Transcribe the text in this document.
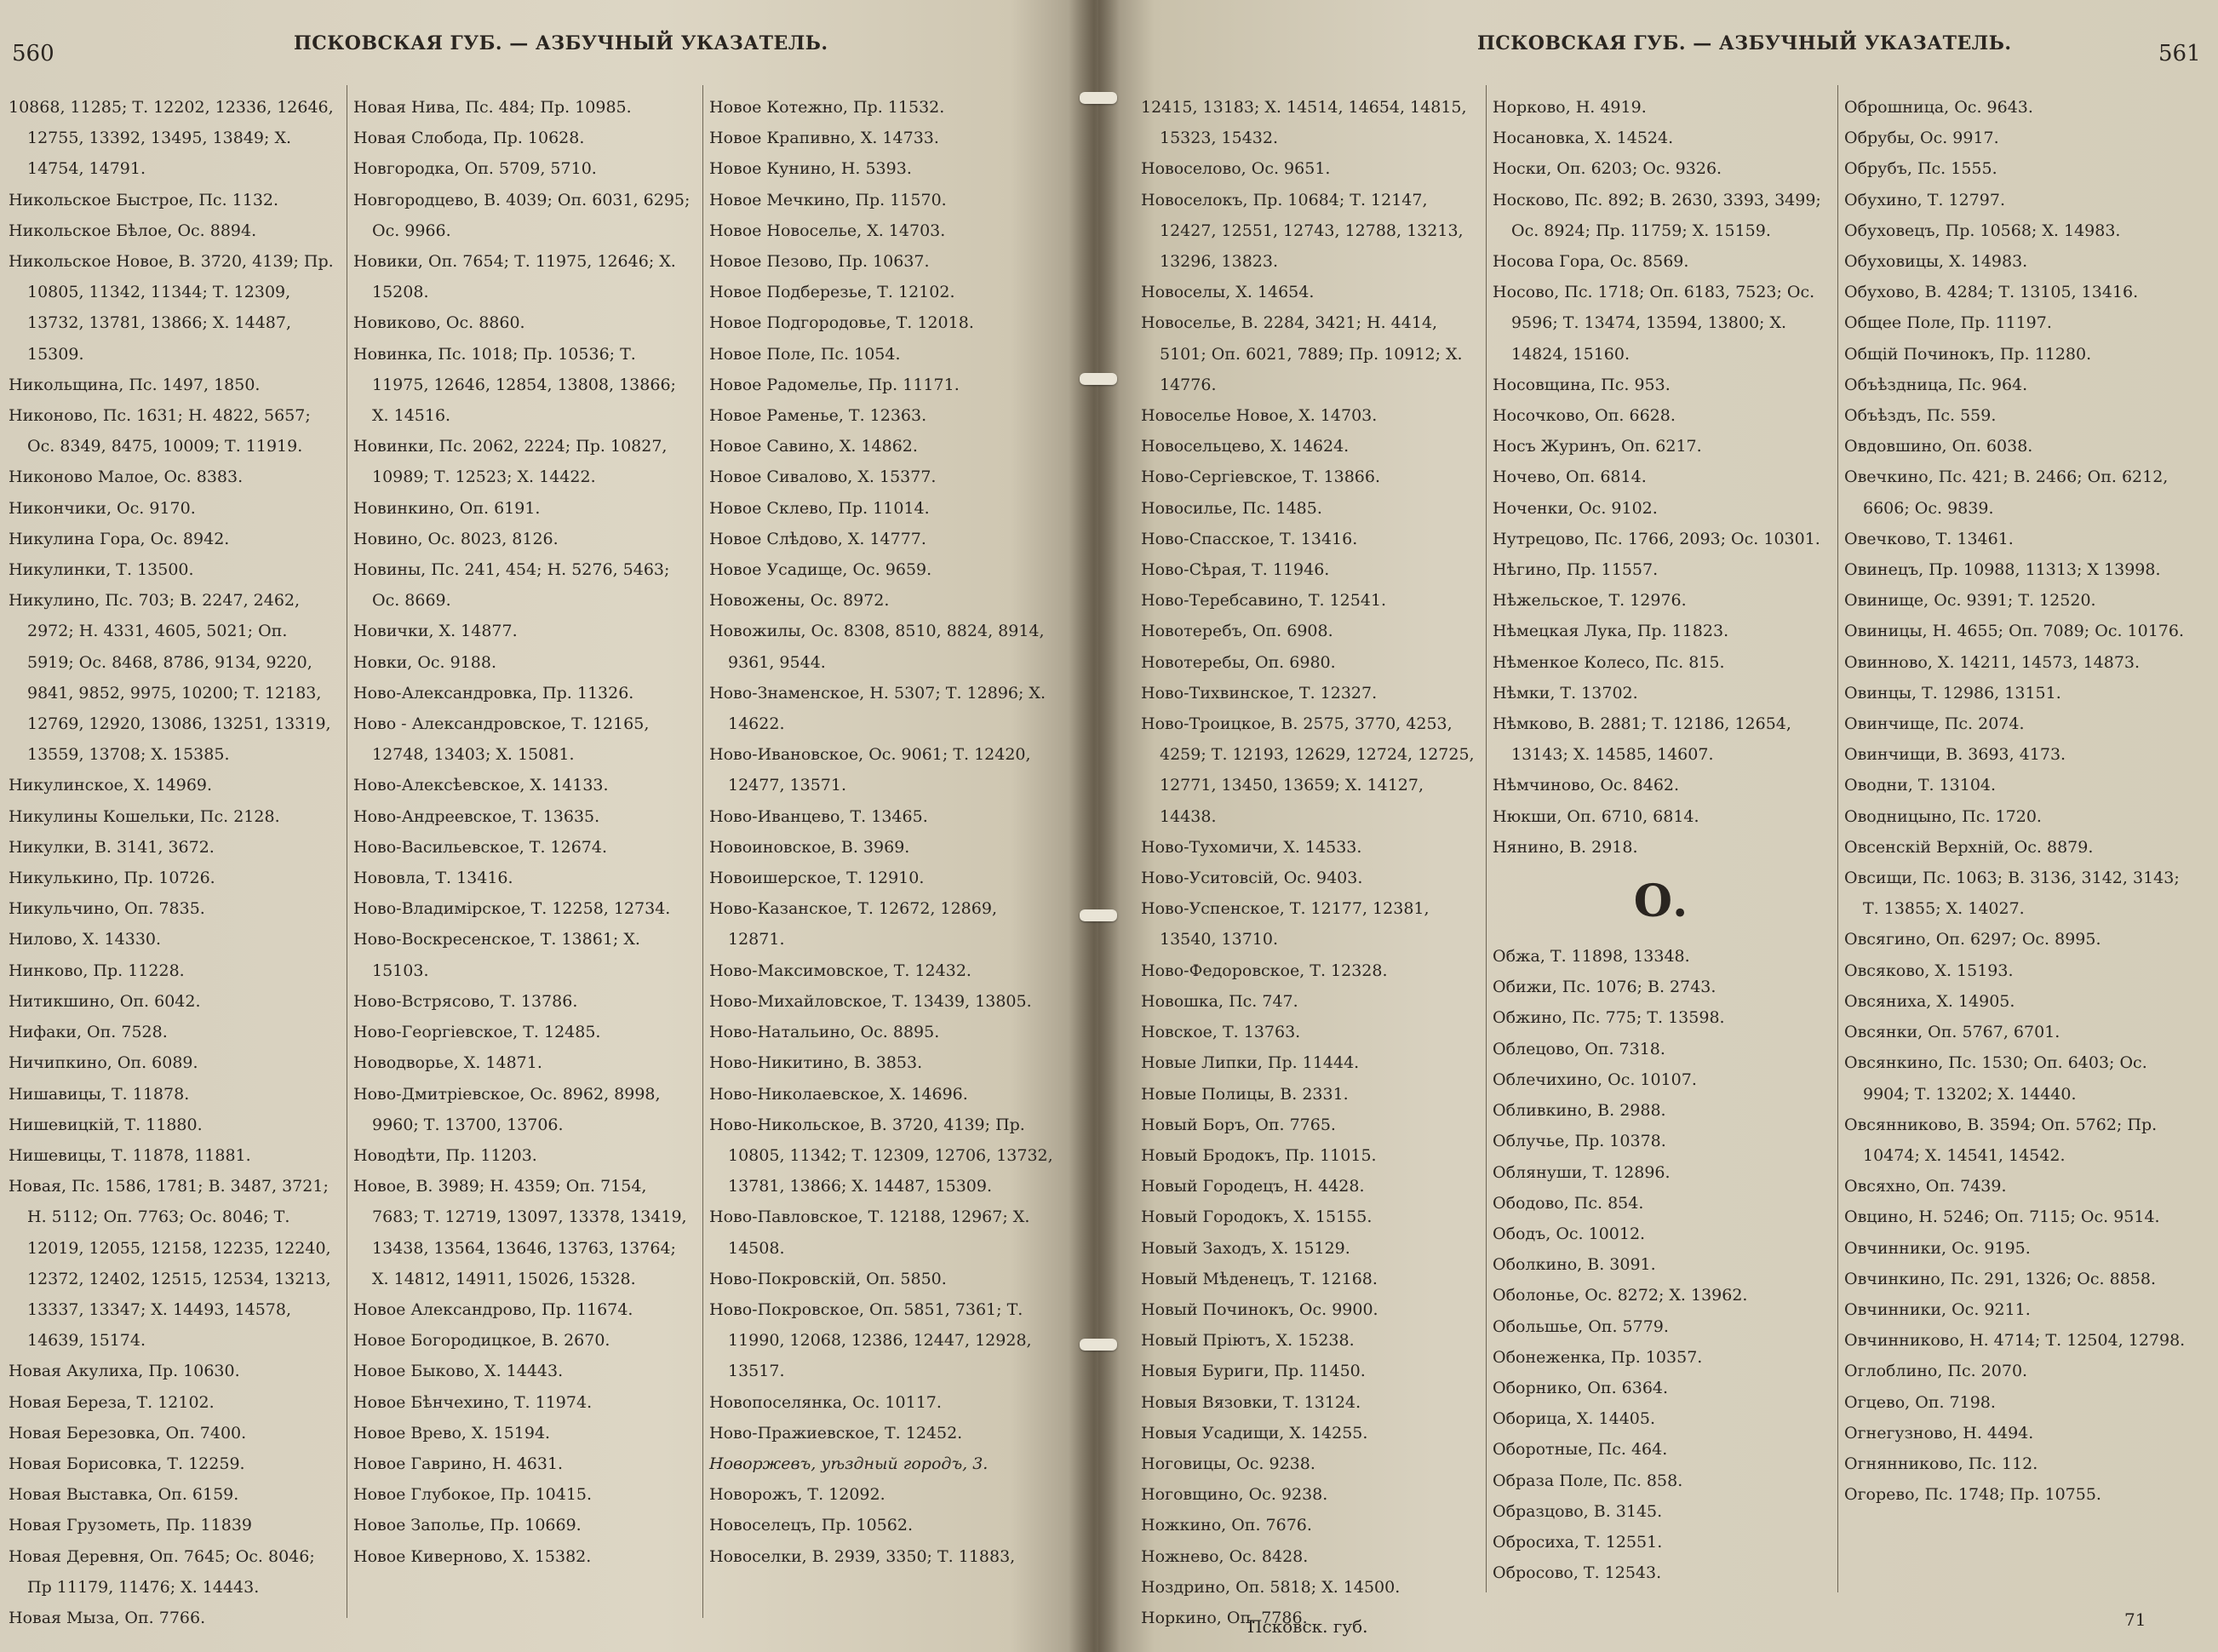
560	ПСКОВСКАЯ ГУБ. — АЗБУЧНЫЙ УКАЗАТЕЛЬ.
10868, 11285; Т. 12202, 12336, 12646, 12755, 13392, 13495, 13849; Х. 14754, 14791.
Никольское Быстрое, Пс. 1132.
Никольское Бѣлое, Ос. 8894.
Никольское Новое, В. 3720, 4139; Пр. 10805, 11342, 11344; Т. 12309, 13732, 13781, 13866; Х. 14487, 15309.
Никольщина, Пс. 1497, 1850.
Никоново, Пс. 1631; Н. 4822, 5657; Ос. 8349, 8475, 10009; Т. 11919.
Никоново Малое, Ос. 8383.
Никончики, Ос. 9170.
Никулина Гора, Ос. 8942.
Никулинки, Т. 13500.
Никулино, Пс. 703; В. 2247, 2462, 2972; Н. 4331, 4605, 5021; Оп. 5919; Ос. 8468, 8786, 9134, 9220, 9841, 9852, 9975, 10200; Т. 12183, 12769, 12920, 13086, 13251, 13319, 13559, 13708; Х. 15385.
Никулинское, Х. 14969.
Никулины Кошельки, Пс. 2128.
Никулки, В. 3141, 3672.
Никулькино, Пр. 10726.
Никульчино, Оп. 7835.
Нилово, Х. 14330.
Нинково, Пр. 11228.
Нитикшино, Оп. 6042.
Нифаки, Оп. 7528.
Ничипкино, Оп. 6089.
Нишавицы, Т. 11878.
Нишевицкій, Т. 11880.
Нишевицы, Т. 11878, 11881.
Новая, Пс. 1586, 1781; В. 3487, 3721; Н. 5112; Оп. 7763; Ос. 8046; Т. 12019, 12055, 12158, 12235, 12240, 12372, 12402, 12515, 12534, 13213, 13337, 13347; Х. 14493, 14578, 14639, 15174.
Новая Акулиха, Пр. 10630.
Новая Береза, Т. 12102.
Новая Березовка, Оп. 7400.
Новая Борисовка, Т. 12259.
Новая Выставка, Оп. 6159.
Новая Грузометь, Пр. 11839
Новая Деревня, Оп. 7645; Ос. 8046; Пр 11179, 11476; Х. 14443.
Новая Мыза, Оп. 7766.
Новая Нива, Пс. 484; Пр. 10985.
Новая Слобода, Пр. 10628.
Новгородка, Оп. 5709, 5710.
Новгородцево, В. 4039; Оп. 6031, 6295; Ос. 9966.
Новики, Оп. 7654; Т. 11975, 12646; Х. 15208.
Новиково, Ос. 8860.
Новинка, Пс. 1018; Пр. 10536; Т. 11975, 12646, 12854, 13808, 13866; Х. 14516.
Новинки, Пс. 2062, 2224; Пр. 10827, 10989; Т. 12523; Х. 14422.
Новинкино, Оп. 6191.
Новино, Ос. 8023, 8126.
Новины, Пс. 241, 454; Н. 5276, 5463; Ос. 8669.
Новички, Х. 14877.
Новки, Ос. 9188.
Ново-Александровка, Пр. 11326.
Ново - Александровское, Т. 12165, 12748, 13403; Х. 15081.
Ново-Алексѣевское, Х. 14133.
Ново-Андреевское, Т. 13635.
Ново-Васильевское, Т. 12674.
Нововла, Т. 13416.
Ново-Владимірское, Т. 12258, 12734.
Ново-Воскресенское, Т. 13861; Х. 15103.
Ново-Встрясово, Т. 13786.
Ново-Георгіевское, Т. 12485.
Новодворье, Х. 14871.
Ново-Дмитріевское, Ос. 8962, 8998, 9960; Т. 13700, 13706.
Новодѣти, Пр. 11203.
Новое, В. 3989; Н. 4359; Оп. 7154, 7683; Т. 12719, 13097, 13378, 13419, 13438, 13564, 13646, 13763, 13764; Х. 14812, 14911, 15026, 15328.
Новое Александрово, Пр. 11674.
Новое Богородицкое, В. 2670.
Новое Быково, Х. 14443.
Новое Бѣнчехино, Т. 11974.
Новое Врево, Х. 15194.
Новое Гаврино, Н. 4631.
Новое Глубокое, Пр. 10415.
Новое Заполье, Пр. 10669.
Новое Киверново, Х. 15382.
Новое Котежно, Пр. 11532.
Новое Крапивно, Х. 14733.
Новое Кунино, Н. 5393.
Новое Мечкино, Пр. 11570.
Новое Новоселье, Х. 14703.
Новое Пезово, Пр. 10637.
Новое Подберезье, Т. 12102.
Новое Подгородовье, Т. 12018.
Новое Поле, Пс. 1054.
Новое Радомелье, Пр. 11171.
Новое Раменье, Т. 12363.
Новое Савино, Х. 14862.
Новое Сивалово, Х. 15377.
Новое Склево, Пр. 11014.
Новое Слѣдово, Х. 14777.
Новое Усадище, Ос. 9659.
Новожены, Ос. 8972.
Новожилы, Ос. 8308, 8510, 8824, 8914, 9361, 9544.
Ново-Знаменское, Н. 5307; Т. 12896; Х. 14622.
Ново-Ивановское, Ос. 9061; Т. 12420, 12477, 13571.
Ново-Иванцево, Т. 13465.
Новоиновское, В. 3969.
Новоишерское, Т. 12910.
Ново-Казанское, Т. 12672, 12869, 12871.
Ново-Максимовское, Т. 12432.
Ново-Михайловское, Т. 13439, 13805.
Ново-Натальино, Ос. 8895.
Ново-Никитино, В. 3853.
Ново-Николаевское, Х. 14696.
Ново-Никольское, В. 3720, 4139; Пр. 10805, 11342; Т. 12309, 12706, 13732, 13781, 13866; Х. 14487, 15309.
Ново-Павловское, Т. 12188, 12967; Х. 14508.
Ново-Покровскій, Оп. 5850.
Ново-Покровское, Оп. 5851, 7361; Т. 11990, 12068, 12386, 12447, 12928, 13517.
Новопоселянка, Ос. 10117.
Ново-Пражиевское, Т. 12452.
Новоржевъ, уѣздный городъ, 3.
Новорожъ, Т. 12092.
Новоселецъ, Пр. 10562.
Новоселки, В. 2939, 3350; Т. 11883,
ПСКОВСКАЯ ГУБ. — АЗБУЧНЫЙ УКАЗАТЕЛЬ.	561
12415, 13183; Х. 14514, 14654, 14815, 15323, 15432.
Новоселово, Ос. 9651.
Новоселокъ, Пр. 10684; Т. 12147, 12427, 12551, 12743, 12788, 13213, 13296, 13823.
Новоселы, Х. 14654.
Новоселье, В. 2284, 3421; Н. 4414, 5101; Оп. 6021, 7889; Пр. 10912; Х. 14776.
Новоселье Новое, Х. 14703.
Новосельцево, Х. 14624.
Ново-Сергіевское, Т. 13866.
Новосилье, Пс. 1485.
Ново-Спасское, Т. 13416.
Ново-Сѣрая, Т. 11946.
Ново-Теребсавино, Т. 12541.
Новотеребъ, Оп. 6908.
Новотеребы, Оп. 6980.
Ново-Тихвинское, Т. 12327.
Ново-Троицкое, В. 2575, 3770, 4253, 4259; Т. 12193, 12629, 12724, 12725, 12771, 13450, 13659; Х. 14127, 14438.
Ново-Тухомичи, Х. 14533.
Ново-Уситовсій, Ос. 9403.
Ново-Успенское, Т. 12177, 12381, 13540, 13710.
Ново-Федоровское, Т. 12328.
Новошка, Пс. 747.
Новское, Т. 13763.
Новые Липки, Пр. 11444.
Новые Полицы, В. 2331.
Новый Боръ, Оп. 7765.
Новый Бродокъ, Пр. 11015.
Новый Городецъ, Н. 4428.
Новый Городокъ, Х. 15155.
Новый Заходъ, Х. 15129.
Новый Мѣденецъ, Т. 12168.
Новый Починокъ, Ос. 9900.
Новый Пріютъ, Х. 15238.
Новыя Буриги, Пр. 11450.
Новыя Вязовки, Т. 13124.
Новыя Усадищи, Х. 14255.
Ноговицы, Ос. 9238.
Ноговщино, Ос. 9238.
Ножкино, Оп. 7676.
Ножнево, Ос. 8428.
Ноздрино, Оп. 5818; Х. 14500.
Норкино, Оп. 7786.
Норково, Н. 4919.
Носановка, Х. 14524.
Носки, Оп. 6203; Ос. 9326.
Носково, Пс. 892; В. 2630, 3393, 3499; Ос. 8924; Пр. 11759; Х. 15159.
Носова Гора, Ос. 8569.
Носово, Пс. 1718; Оп. 6183, 7523; Ос. 9596; Т. 13474, 13594, 13800; Х. 14824, 15160.
Носовщина, Пс. 953.
Носочково, Оп. 6628.
Носъ Журинъ, Оп. 6217.
Ночево, Оп. 6814.
Ноченки, Ос. 9102.
Нутрецово, Пс. 1766, 2093; Ос. 10301.
Нѣгино, Пр. 11557.
Нѣжельское, Т. 12976.
Нѣмецкая Лука, Пр. 11823.
Нѣменкое Колесо, Пс. 815.
Нѣмки, Т. 13702.
Нѣмково, В. 2881; Т. 12186, 12654, 13143; Х. 14585, 14607.
Нѣмчиново, Ос. 8462.
Нюкши, Оп. 6710, 6814.
Нянино, В. 2918.
О.
Обжа, Т. 11898, 13348.
Обижи, Пс. 1076; В. 2743.
Обжино, Пс. 775; Т. 13598.
Облецово, Оп. 7318.
Облечихино, Ос. 10107.
Обливкино, В. 2988.
Облучье, Пр. 10378.
Облянуши, Т. 12896.
Ободово, Пс. 854.
Ободъ, Ос. 10012.
Оболкино, В. 3091.
Оболонье, Ос. 8272; Х. 13962.
Обольшье, Оп. 5779.
Обонеженка, Пр. 10357.
Оборнико, Оп. 6364.
Оборица, Х. 14405.
Оборотные, Пс. 464.
Образа Поле, Пс. 858.
Образцово, В. 3145.
Обросиха, Т. 12551.
Обросово, Т. 12543.
Оброшница, Ос. 9643.
Обрубы, Ос. 9917.
Обрубъ, Пс. 1555.
Обухино, Т. 12797.
Обуховецъ, Пр. 10568; Х. 14983.
Обуховицы, Х. 14983.
Обухово, В. 4284; Т. 13105, 13416.
Общее Поле, Пр. 11197.
Общій Починокъ, Пр. 11280.
Объѣздница, Пс. 964.
Объѣздъ, Пс. 559.
Овдовшино, Оп. 6038.
Овечкино, Пс. 421; В. 2466; Оп. 6212, 6606; Ос. 9839.
Овечково, Т. 13461.
Овинецъ, Пр. 10988, 11313; Х 13998.
Овинище, Ос. 9391; Т. 12520.
Овиницы, Н. 4655; Оп. 7089; Ос. 10176.
Овинново, Х. 14211, 14573, 14873.
Овинцы, Т. 12986, 13151.
Овинчище, Пс. 2074.
Овинчищи, В. 3693, 4173.
Оводни, Т. 13104.
Оводницыно, Пс. 1720.
Овсенскій Верхній, Ос. 8879.
Овсищи, Пс. 1063; В. 3136, 3142, 3143; Т. 13855; Х. 14027.
Овсягино, Оп. 6297; Ос. 8995.
Овсяково, Х. 15193.
Овсяниха, Х. 14905.
Овсянки, Оп. 5767, 6701.
Овсянкино, Пс. 1530; Оп. 6403; Ос. 9904; Т. 13202; Х. 14440.
Овсянниково, В. 3594; Оп. 5762; Пр. 10474; Х. 14541, 14542.
Овсяхно, Оп. 7439.
Овцино, Н. 5246; Оп. 7115; Ос. 9514.
Овчинники, Ос. 9195.
Овчинкино, Пс. 291, 1326; Ос. 8858.
Овчинники, Ос. 9211.
Овчинниково, Н. 4714; Т. 12504, 12798.
Оглоблино, Пс. 2070.
Огцево, Оп. 7198.
Огнегузново, Н. 4494.
Огнянниково, Пс. 112.
Огорево, Пс. 1748; Пр. 10755.
Псковск. губ.	71
